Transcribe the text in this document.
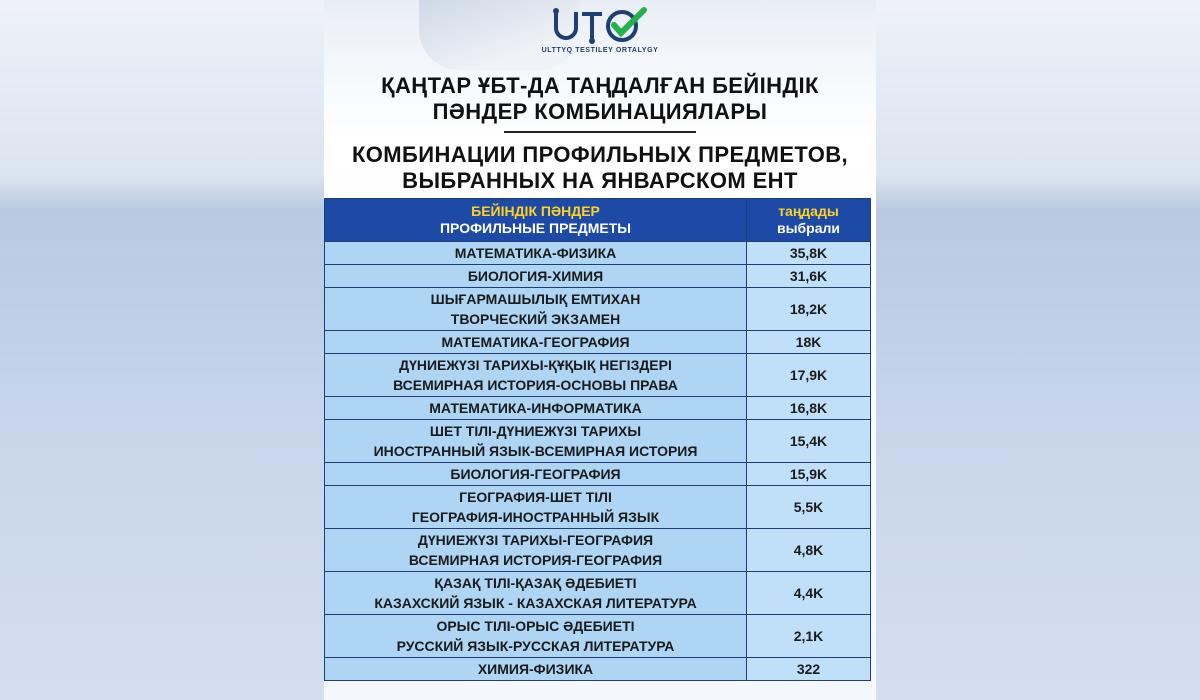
ULTTYQ TESTILEY ORTALYGY
ҚАҢТАР ҰБТ-ДА ТАҢДАЛҒАН БЕЙІНДІК
ПӘНДЕР КОМБИНАЦИЯЛАРЫ
КОМБИНАЦИИ ПРОФИЛЬНЫХ ПРЕДМЕТОВ,
ВЫБРАННЫХ НА ЯНВАРСКОМ ЕНТ
БЕЙІНДІК ПӘНДЕР
ПРОФИЛЬНЫЕ ПРЕДМЕТЫ	таңдады
выбрали

МАТЕМАТИКА-ФИЗИКА	35,8K

БИОЛОГИЯ-ХИМИЯ	31,6K

ШЫҒАРМАШЫЛЫҚ ЕМТИХАН
ТВОРЧЕСКИЙ ЭКЗАМЕН	18,2K

МАТЕМАТИКА-ГЕОГРАФИЯ	18K

ДҮНИЕЖҮЗІ ТАРИХЫ-ҚҰҚЫҚ НЕГІЗДЕРІ
ВСЕМИРНАЯ ИСТОРИЯ-ОСНОВЫ ПРАВА	17,9K

МАТЕМАТИКА-ИНФОРМАТИКА	16,8K

ШЕТ ТІЛІ-ДҮНИЕЖҮЗІ ТАРИХЫ
ИНОСТРАННЫЙ ЯЗЫК-ВСЕМИРНАЯ ИСТОРИЯ	15,4K

БИОЛОГИЯ-ГЕОГРАФИЯ	15,9K

ГЕОГРАФИЯ-ШЕТ ТІЛІ
ГЕОГРАФИЯ-ИНОСТРАННЫЙ ЯЗЫК	5,5K

ДҮНИЕЖҮЗІ ТАРИХЫ-ГЕОГРАФИЯ
ВСЕМИРНАЯ ИСТОРИЯ-ГЕОГРАФИЯ	4,8K

ҚАЗАҚ ТІЛІ-ҚАЗАҚ ӘДЕБИЕТІ
КАЗАХСКИЙ ЯЗЫК - КАЗАХСКАЯ ЛИТЕРАТУРА	4,4K

ОРЫС ТІЛІ-ОРЫС ӘДЕБИЕТІ
РУССКИЙ ЯЗЫК-РУССКАЯ ЛИТЕРАТУРА	2,1K

ХИМИЯ-ФИЗИКА	322
